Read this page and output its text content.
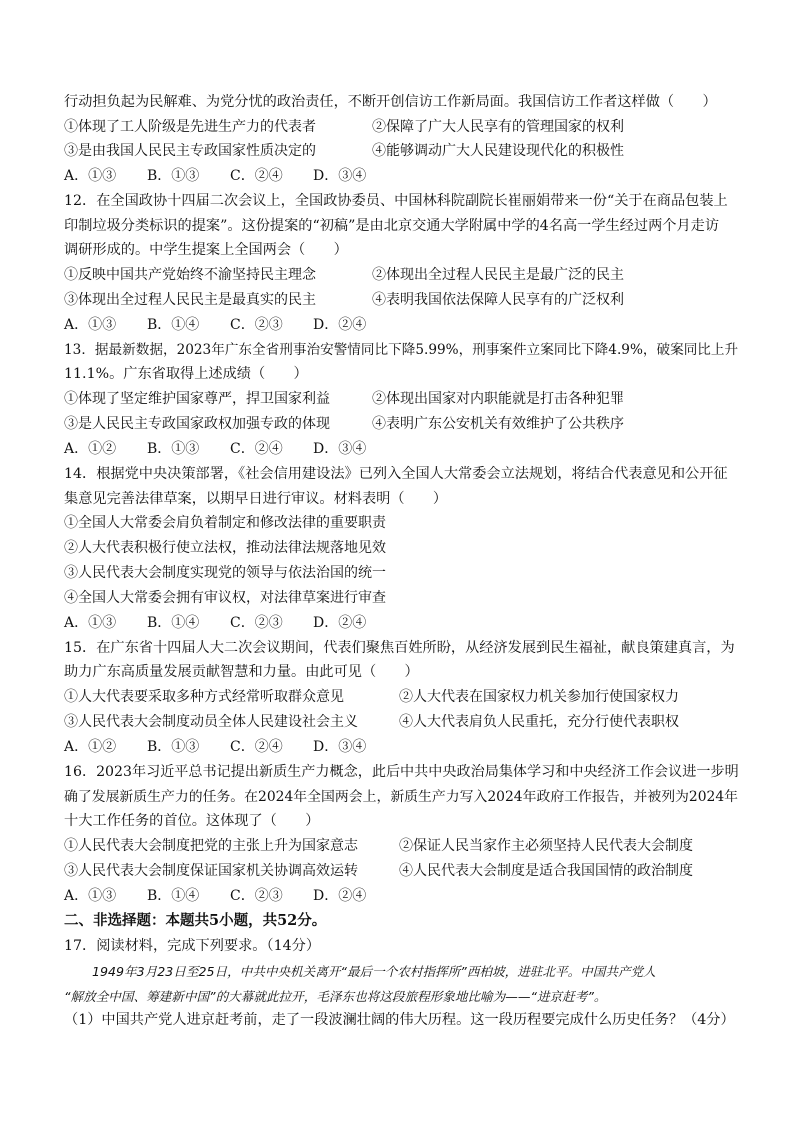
行动担负起为民解难、为党分忧的政治责任，不断开创信访工作新局面。我国信访工作者这样做（　　）
①体现了工人阶级是先进生产力的代表者	②保障了广大人民享有的管理国家的权利
③是由我国人民民主专政国家性质决定的	④能够调动广大人民建设现代化的积极性
A．①③ B．①③ C．②④ D．③④
12．在全国政协十四届二次会议上，全国政协委员、中国林科院副院长崔丽娟带来一份“关于在商品包装上
印制垃圾分类标识的提案”。这份提案的“初稿”是由北京交通大学附属中学的4名高一学生经过两个月走访
调研形成的。中学生提案上全国两会（　　）
①反映中国共产党始终不渝坚持民主理念	②体现出全过程人民民主是最广泛的民主
③体现出全过程人民民主是最真实的民主	④表明我国依法保障人民享有的广泛权利
A．①③ B．①④ C．②③ D．②④
13．据最新数据，2023年广东全省刑事治安警情同比下降5.99%，刑事案件立案同比下降4.9%，破案同比上升
11.1%。广东省取得上述成绩（　　）
①体现了坚定维护国家尊严，捍卫国家利益	②体现出国家对内职能就是打击各种犯罪
③是人民民主专政国家政权加强专政的体现	④表明广东公安机关有效维护了公共秩序
A．①② B．①③ C．②④ D．③④
14．根据党中央决策部署，《社会信用建设法》已列入全国人大常委会立法规划，将结合代表意见和公开征
集意见完善法律草案，以期早日进行审议。材料表明（　　）
①全国人大常委会肩负着制定和修改法律的重要职责
②人大代表积极行使立法权，推动法律法规落地见效
③人民代表大会制度实现党的领导与依法治国的统一
④全国人大常委会拥有审议权，对法律草案进行审查
A．①③ B．①④ C．②③ D．②④
15．在广东省十四届人大二次会议期间，代表们聚焦百姓所盼，从经济发展到民生福祉，献良策建真言，为
助力广东高质量发展贡献智慧和力量。由此可见（　　）
①人大代表要采取多种方式经常听取群众意见	②人大代表在国家权力机关参加行使国家权力
③人民代表大会制度动员全体人民建设社会主义	④人大代表肩负人民重托，充分行使代表职权
A．①② B．①③ C．②④ D．③④
16．2023年习近平总书记提出新质生产力概念，此后中共中央政治局集体学习和中央经济工作会议进一步明
确了发展新质生产力的任务。在2024年全国两会上，新质生产力写入2024年政府工作报告，并被列为2024年
十大工作任务的首位。这体现了（　　）
①人民代表大会制度把党的主张上升为国家意志	②保证人民当家作主必须坚持人民代表大会制度
③人民代表大会制度保证国家机关协调高效运转	④人民代表大会制度是适合我国国情的政治制度
A．①③ B．①④ C．②③ D．②④
二、非选择题：本题共5小题，共52分。
17．阅读材料，完成下列要求。（14分）
1949年3月23日至25日，中共中央机关离开“最后一个农村指挥所”西柏坡，进驻北平。中国共产党人
“解放全中国、筹建新中国”的大幕就此拉开，毛泽东也将这段旅程形象地比喻为——“进京赶考”。
（1）中国共产党人进京赶考前，走了一段波澜壮阔的伟大历程。这一段历程要完成什么历史任务？（4分）
